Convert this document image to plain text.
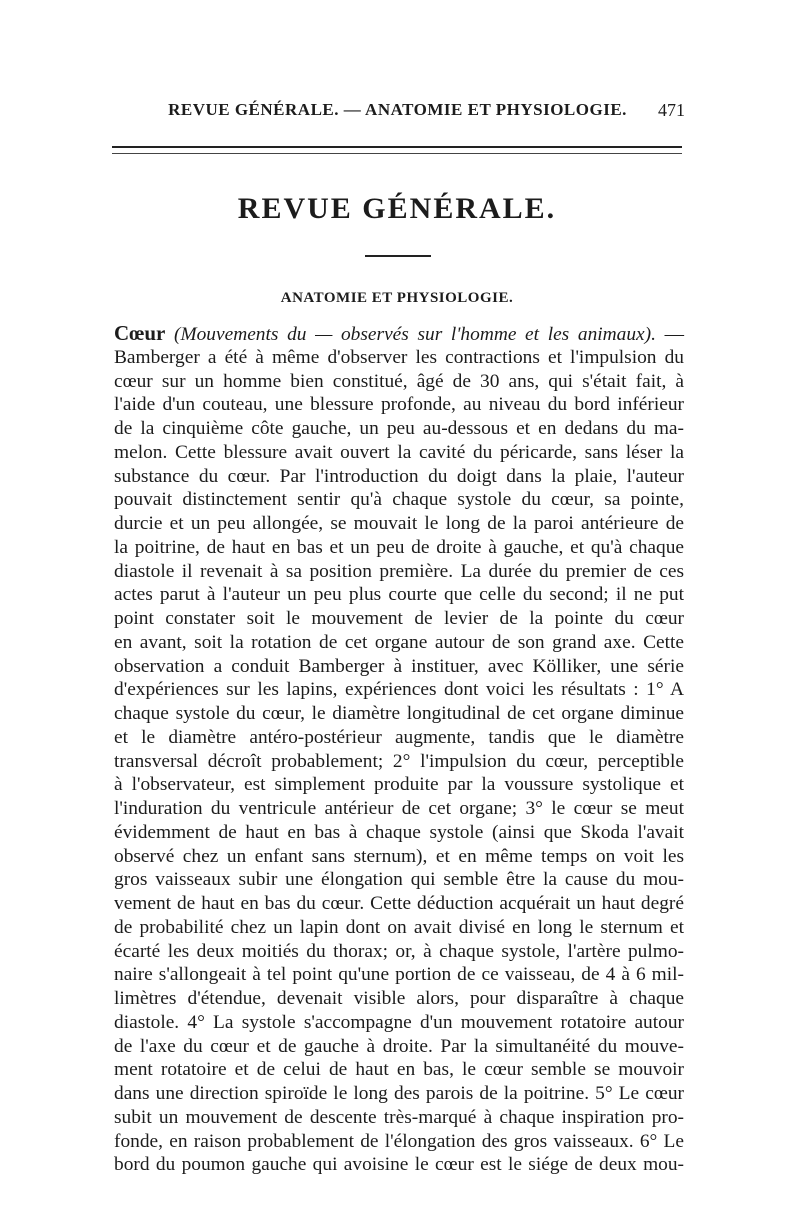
REVUE GÉNÉRALE. — ANATOMIE ET PHYSIOLOGIE.	471
REVUE GÉNÉRALE.
ANATOMIE ET PHYSIOLOGIE.
Cœur (Mouvements du — observés sur l'homme et les animaux). —
Bamberger a été à même d'observer les contractions et l'impulsion du
cœur sur un homme bien constitué, âgé de 30 ans, qui s'était fait, à
l'aide d'un couteau, une blessure profonde, au niveau du bord inférieur
de la cinquième côte gauche, un peu au-dessous et en dedans du ma-
melon. Cette blessure avait ouvert la cavité du péricarde, sans léser la
substance du cœur. Par l'introduction du doigt dans la plaie, l'auteur
pouvait distinctement sentir qu'à chaque systole du cœur, sa pointe,
durcie et un peu allongée, se mouvait le long de la paroi antérieure de
la poitrine, de haut en bas et un peu de droite à gauche, et qu'à chaque
diastole il revenait à sa position première. La durée du premier de ces
actes parut à l'auteur un peu plus courte que celle du second; il ne put
point constater soit le mouvement de levier de la pointe du cœur
en avant, soit la rotation de cet organe autour de son grand axe. Cette
observation a conduit Bamberger à instituer, avec Kölliker, une série
d'expériences sur les lapins, expériences dont voici les résultats : 1° A
chaque systole du cœur, le diamètre longitudinal de cet organe diminue
et le diamètre antéro-postérieur augmente, tandis que le diamètre
transversal décroît probablement; 2° l'impulsion du cœur, perceptible
à l'observateur, est simplement produite par la voussure systolique et
l'induration du ventricule antérieur de cet organe; 3° le cœur se meut
évidemment de haut en bas à chaque systole (ainsi que Skoda l'avait
observé chez un enfant sans sternum), et en même temps on voit les
gros vaisseaux subir une élongation qui semble être la cause du mou-
vement de haut en bas du cœur. Cette déduction acquérait un haut degré
de probabilité chez un lapin dont on avait divisé en long le sternum et
écarté les deux moitiés du thorax; or, à chaque systole, l'artère pulmo-
naire s'allongeait à tel point qu'une portion de ce vaisseau, de 4 à 6 mil-
limètres d'étendue, devenait visible alors, pour disparaître à chaque
diastole. 4° La systole s'accompagne d'un mouvement rotatoire autour
de l'axe du cœur et de gauche à droite. Par la simultanéité du mouve-
ment rotatoire et de celui de haut en bas, le cœur semble se mouvoir
dans une direction spiroïde le long des parois de la poitrine. 5° Le cœur
subit un mouvement de descente très-marqué à chaque inspiration pro-
fonde, en raison probablement de l'élongation des gros vaisseaux. 6° Le
bord du poumon gauche qui avoisine le cœur est le siége de deux mou-
